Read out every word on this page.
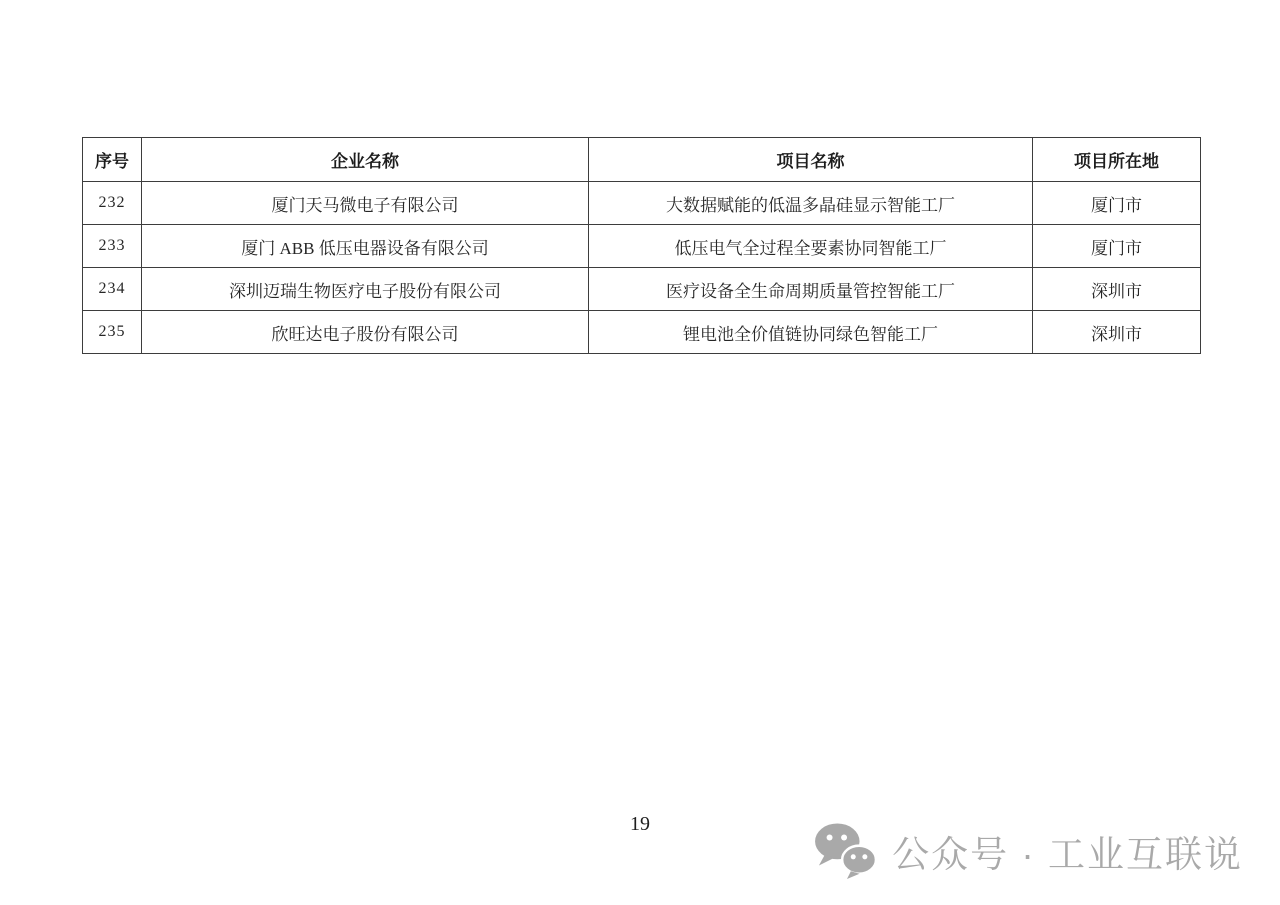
序号	企业名称	项目名称	项目所在地
232	厦门天马微电子有限公司	大数据赋能的低温多晶硅显示智能工厂	厦门市
233	厦门 ABB 低压电器设备有限公司	低压电气全过程全要素协同智能工厂	厦门市
234	深圳迈瑞生物医疗电子股份有限公司	医疗设备全生命周期质量管控智能工厂	深圳市
235	欣旺达电子股份有限公司	锂电池全价值链协同绿色智能工厂	深圳市
19
公众号 · 工业互联说
